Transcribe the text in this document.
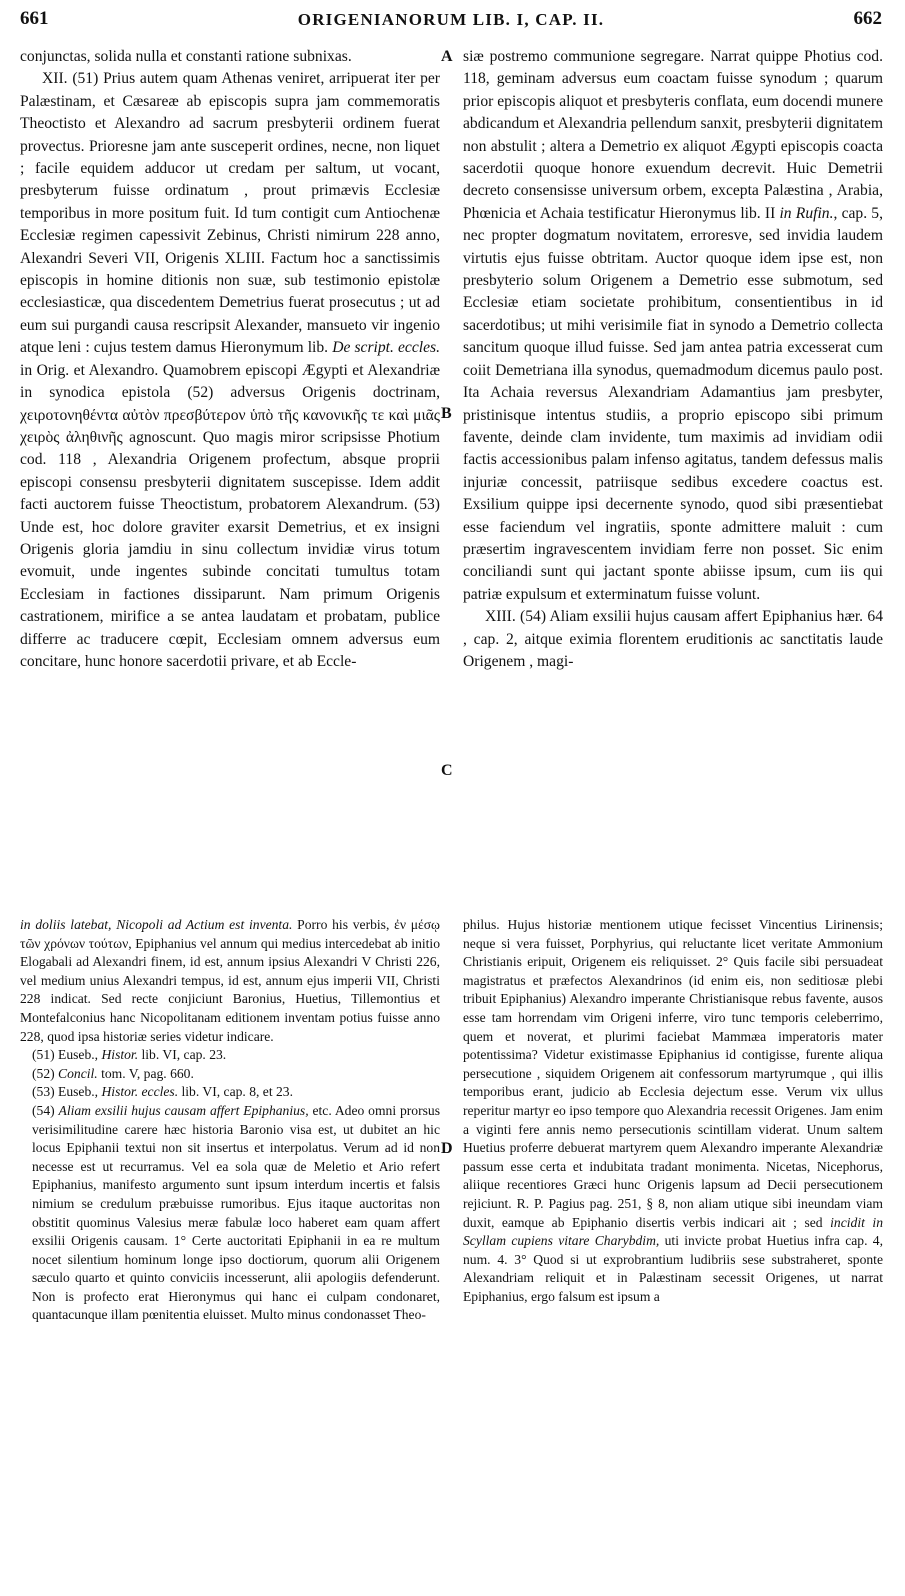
661	ORIGENIANORUM LIB. I, CAP. II.	662

conjunctas, solida nulla et constanti ratione subnixas.

XII. (51) Prius autem quam Athenas veniret, arripuerat iter per Palæstinam, et Cæsareæ ab episcopis supra jam commemoratis Theoctisto et Alexandro ad sacrum presbyterii ordinem fuerat provectus. Prioresne jam ante susceperit ordines, necne, non liquet ; facile equidem adducor ut credam per saltum, ut vocant, presbyterum fuisse ordinatum , prout primævis Ecclesiæ temporibus in more positum fuit. Id tum contigit cum Antiochenæ Ecclesiæ regimen capessivit Zebinus, Christi nimirum 228 anno, Alexandri Severi VII, Origenis XLIII. Factum hoc a sanctissimis episcopis in homine ditionis non suæ, sub testimonio epistolæ ecclesiasticæ, qua discedentem Demetrius fuerat prosecutus ; ut ad eum sui purgandi causa rescripsit Alexander, mansueto vir ingenio atque leni : cujus testem damus Hieronymum lib. De script. eccles. in Orig. et Alexandro. Quamobrem episcopi Ægypti et Alexandriæ in synodica epistola (52) adversus Origenis doctrinam, χειροτονηθέντα αὐτὸν πρεσβύτερον ὑπὸ τῆς κανονικῆς τε καὶ μιᾶς χειρὸς ἀληθινῆς agnoscunt. Quo magis miror scripsisse Photium cod. 118 , Alexandria Origenem profectum, absque proprii episcopi consensu presbyterii dignitatem suscepisse. Idem addit facti auctorem fuisse Theoctistum, probatorem Alexandrum. (53) Unde est, hoc dolore graviter exarsit Demetrius, et ex insigni Origenis gloria jamdiu in sinu collectum invidiæ virus totum evomuit, unde ingentes subinde concitati tumultus totam Ecclesiam in factiones dissiparunt. Nam primum Origenis castrationem, mirifice a se antea laudatam et probatam, publice differre ac traducere cœpit, Ecclesiam omnem adversus eum concitare, hunc honore sacerdotii privare, et ab Eccle-

A
B
C
D

siæ postremo communione segregare. Narrat quippe Photius cod. 118, geminam adversus eum coactam fuisse synodum ; quarum prior episcopis aliquot et presbyteris conflata, eum docendi munere abdicandum et Alexandria pellendum sanxit, presbyterii dignitatem non abstulit ; altera a Demetrio ex aliquot Ægypti episcopis coacta sacerdotii quoque honore exuendum decrevit. Huic Demetrii decreto consensisse universum orbem, excepta Palæstina , Arabia, Phœnicia et Achaia testificatur Hieronymus lib. II in Rufin., cap. 5, nec propter dogmatum novitatem, erroresve, sed invidia laudem virtutis ejus fuisse obtritam. Auctor quoque idem ipse est, non presbyterio solum Origenem a Demetrio esse submotum, sed Ecclesiæ etiam societate prohibitum, consentientibus in id sacerdotibus; ut mihi verisimile fiat in synodo a Demetrio collecta sancitum quoque illud fuisse. Sed jam antea patria excesserat cum coiit Demetriana illa synodus, quemadmodum dicemus paulo post. Ita Achaia reversus Alexandriam Adamantius jam presbyter, pristinisque intentus studiis, a proprio episcopo sibi primum favente, deinde clam invidente, tum maximis ad invidiam odii factis accessionibus palam infenso agitatus, tandem defessus malis injuriæ concessit, patriisque sedibus excedere coactus est. Exsilium quippe ipsi decernente synodo, quod sibi præsentiebat esse faciendum vel ingratiis, sponte admittere maluit : cum præsertim ingravescentem invidiam ferre non posset. Sic enim conciliandi sunt qui jactant sponte abiisse ipsum, cum iis qui patriæ expulsum et exterminatum fuisse volunt.

XIII. (54) Aliam exsilii hujus causam affert Epiphanius hær. 64 , cap. 2, aitque eximia florentem eruditionis ac sanctitatis laude Origenem , magi-

in doliis latebat, Nicopoli ad Actium est inventa. Porro his verbis, ἐν μέσῳ τῶν χρόνων τούτων, Epiphanius vel annum qui medius intercedebat ab initio Elogabali ad Alexandri finem, id est, annum ipsius Alexandri V Christi 226, vel medium unius Alexandri tempus, id est, annum ejus imperii VII, Christi 228 indicat. Sed recte conjiciunt Baronius, Huetius, Tillemontius et Montefalconius hanc Nicopolitanam editionem inventam potius fuisse anno 228, quod ipsa historiæ series videtur indicare.

(51) Euseb., Histor. lib. VI, cap. 23.

(52) Concil. tom. V, pag. 660.

(53) Euseb., Histor. eccles. lib. VI, cap. 8, et 23.

(54) Aliam exsilii hujus causam affert Epiphanius, etc. Adeo omni prorsus verisimilitudine carere hæc historia Baronio visa est, ut dubitet an hic locus Epiphanii textui non sit insertus et interpolatus. Verum ad id non necesse est ut recurramus. Vel ea sola quæ de Meletio et Ario refert Epiphanius, manifesto argumento sunt ipsum interdum incertis et falsis nimium se credulum præbuisse rumoribus. Ejus itaque auctoritas non obstitit quominus Valesius meræ fabulæ loco haberet eam quam affert exsilii Origenis causam. 1° Certe auctoritati Epiphanii in ea re multum nocet silentium hominum longe ipso doctiorum, quorum alii Origenem sæculo quarto et quinto conviciis incesserunt, alii apologiis defenderunt. Non is profecto erat Hieronymus qui hanc ei culpam condonaret, quantacunque illam pœnitentia eluisset. Multo minus condonasset Theo-

philus. Hujus historiæ mentionem utique fecisset Vincentius Lirinensis; neque si vera fuisset, Porphyrius, qui reluctante licet veritate Ammonium Christianis eripuit, Origenem eis reliquisset. 2° Quis facile sibi persuadeat magistratus et præfectos Alexandrinos (id enim eis, non seditiosæ plebi tribuit Epiphanius) Alexandro imperante Christianisque rebus favente, ausos esse tam horrendam vim Origeni inferre, viro tunc temporis celeberrimo, quem et noverat, et plurimi faciebat Mammæa imperatoris mater potentissima? Videtur existimasse Epiphanius id contigisse, furente aliqua persecutione , siquidem Origenem ait confessorum martyrumque , qui illis temporibus erant, judicio ab Ecclesia dejectum esse. Verum vix ullus reperitur martyr eo ipso tempore quo Alexandria recessit Origenes. Jam enim a viginti fere annis nemo persecutionis scintillam viderat. Unum saltem Huetius proferre debuerat martyrem quem Alexandro imperante Alexandriæ passum esse certa et indubitata tradant monimenta. Nicetas, Nicephorus, aliique recentiores Græci hunc Origenis lapsum ad Decii persecutionem rejiciunt. R. P. Pagius pag. 251, § 8, non aliam utique sibi ineundam viam duxit, eamque ab Epiphanio disertis verbis indicari ait ; sed incidit in Scyllam cupiens vitare Charybdim, uti invicte probat Huetius infra cap. 4, num. 4. 3° Quod si ut exprobrantium ludibriis sese substraheret, sponte Alexandriam reliquit et in Palæstinam secessit Origenes, ut narrat Epiphanius, ergo falsum est ipsum a
